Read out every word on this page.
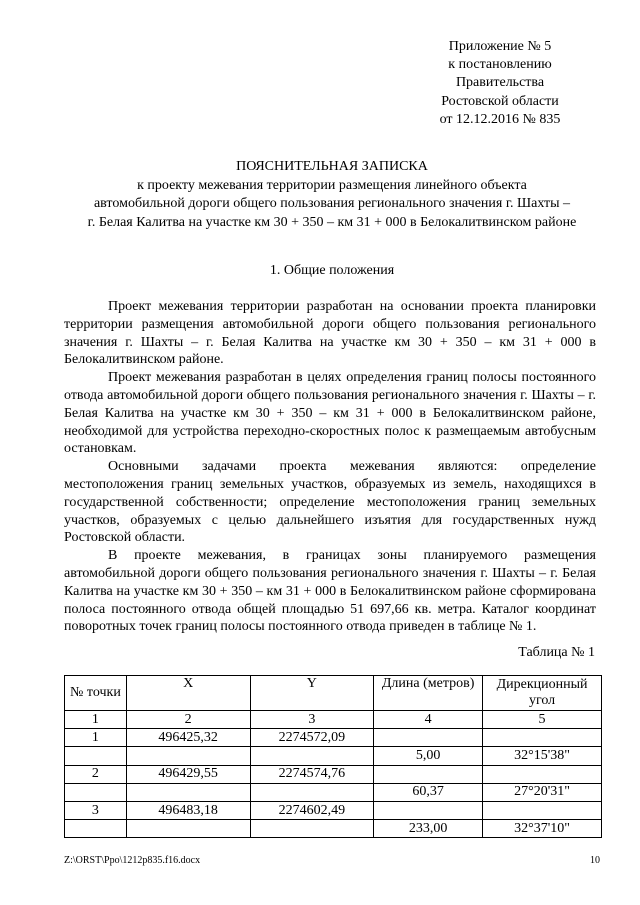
Приложение № 5
к постановлению
Правительства
Ростовской области
от 12.12.2016 № 835
ПОЯСНИТЕЛЬНАЯ ЗАПИСКА
к проекту межевания территории размещения линейного объекта
автомобильной дороги общего пользования регионального значения г. Шахты –
г. Белая Калитва на участке км 30 + 350 – км 31 + 000 в Белокалитвинском районе
1. Общие положения

Проект межевания территории разработан на основании проекта планировки территории размещения автомобильной дороги общего пользования регионального значения г. Шахты – г. Белая Калитва на участке км 30 + 350 – км 31 + 000 в Белокалитвинском районе.

Проект межевания разработан в целях определения границ полосы постоянного отвода автомобильной дороги общего пользования регионального значения г. Шахты – г. Белая Калитва на участке км 30 + 350 – км 31 + 000 в Белокалитвинском районе, необходимой для устройства переходно-скоростных полос к размещаемым автобусным остановкам.

Основными задачами проекта межевания являются: определение местоположения границ земельных участков, образуемых из земель, находящихся в государственной собственности; определение местоположения границ земельных участков, образуемых с целью дальнейшего изъятия для государственных нужд Ростовской области.

В проекте межевания, в границах зоны планируемого размещения автомобильной дороги общего пользования регионального значения г. Шахты – г. Белая Калитва на участке км 30 + 350 – км 31 + 000 в Белокалитвинском районе сформирована полоса постоянного отвода общей площадью 51 697,66 кв. метра. Каталог координат поворотных точек границ полосы постоянного отвода приведен в таблице № 1.

Таблица № 1
№ точки	X	Y	Длина (метров)	Дирекционный угол
1	2	3	4	5
1	496425,32	2274572,09		
			5,00	32°15'38"
2	496429,55	2274574,76		
			60,37	27°20'31"
3	496483,18	2274602,49		
			233,00	32°37'10"
Z:\ORST\Ppo\1212p835.f16.docx	10
